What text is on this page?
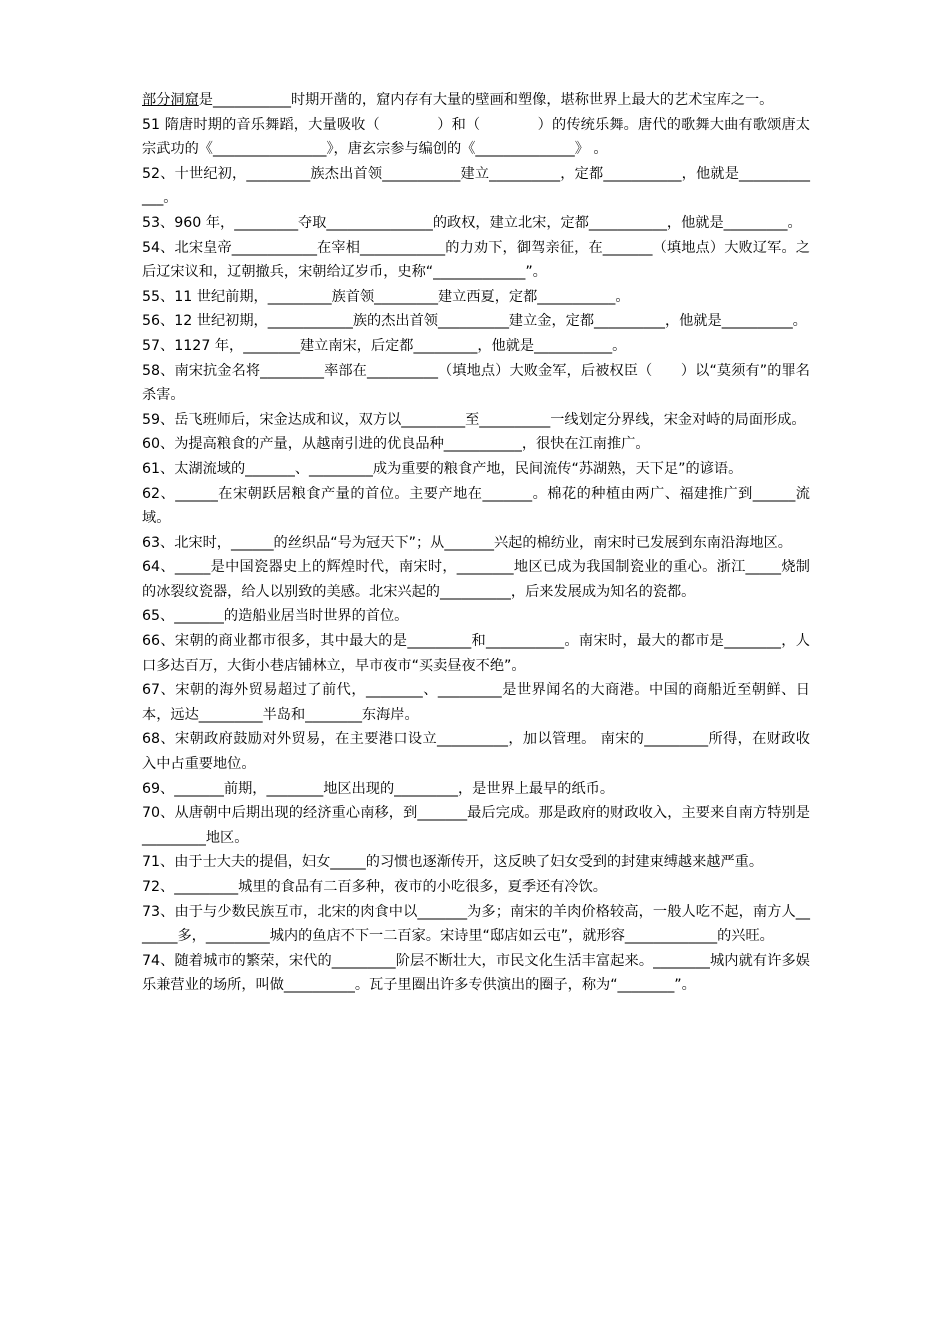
部分洞窟是___________时期开凿的，窟内存有大量的壁画和塑像，堪称世界上最大的艺术宝库之一。

51 隋唐时期的音乐舞蹈，大量吸收（　　　　）和（　　　　）的传统乐舞。唐代的歌舞大曲有歌颂唐太宗武功的《________________》，唐玄宗参与编创的《______________》 。

52、十世纪初，_________族杰出首领___________建立__________，定都___________，他就是_____________。

53、960 年，_________夺取_______________的政权，建立北宋，定都___________，他就是_________。

54、北宋皇帝____________在宰相____________的力劝下，御驾亲征，在_______（填地点）大败辽军。之后辽宋议和，辽朝撤兵，宋朝给辽岁币，史称“_____________”。

55、11 世纪前期，_________族首领_________建立西夏，定都___________。

56、12 世纪初期，____________族的杰出首领__________建立金，定都__________，他就是__________。

57、1127 年，________建立南宋，后定都_________，他就是___________。

58、南宋抗金名将_________率部在__________（填地点）大败金军，后被权臣（　　）以“莫须有”的罪名杀害。

59、岳飞班师后，宋金达成和议，双方以_________至__________一线划定分界线，宋金对峙的局面形成。

60、为提高粮食的产量，从越南引进的优良品种___________，很快在江南推广。

61、太湖流域的_______、_________成为重要的粮食产地，民间流传“苏湖熟，天下足”的谚语。

62、______在宋朝跃居粮食产量的首位。主要产地在_______。棉花的种植由两广、福建推广到______流域。

63、北宋时，______的丝织品“号为冠天下”；从_______兴起的棉纺业，南宋时已发展到东南沿海地区。

64、_____是中国瓷器史上的辉煌时代，南宋时，________地区已成为我国制瓷业的重心。浙江_____烧制的冰裂纹瓷器，给人以别致的美感。北宋兴起的__________，后来发展成为知名的瓷都。

65、_______的造船业居当时世界的首位。

66、宋朝的商业都市很多，其中最大的是_________和___________。南宋时，最大的都市是________，人口多达百万，大街小巷店铺林立，早市夜市“买卖昼夜不绝”。

67、宋朝的海外贸易超过了前代，________、_________是世界闻名的大商港。中国的商船近至朝鲜、日本，远达_________半岛和________东海岸。

68、宋朝政府鼓励对外贸易，在主要港口设立__________，加以管理。 南宋的_________所得，在财政收入中占重要地位。

69、_______前期，________地区出现的_________，是世界上最早的纸币。

70、从唐朝中后期出现的经济重心南移，到_______最后完成。那是政府的财政收入，主要来自南方特别是_________地区。

71、由于士大夫的提倡，妇女_____的习惯也逐渐传开，这反映了妇女受到的封建束缚越来越严重。

72、_________城里的食品有二百多种，夜市的小吃很多，夏季还有冷饮。

73、由于与少数民族互市，北宋的肉食中以_______为多；南宋的羊肉价格较高，一般人吃不起，南方人_______多，_________城内的鱼店不下一二百家。宋诗里“邸店如云屯”，就形容_____________的兴旺。

74、随着城市的繁荣，宋代的_________阶层不断壮大，市民文化生活丰富起来。________城内就有许多娱乐兼营业的场所，叫做__________。瓦子里圈出许多专供演出的圈子，称为“________”。
